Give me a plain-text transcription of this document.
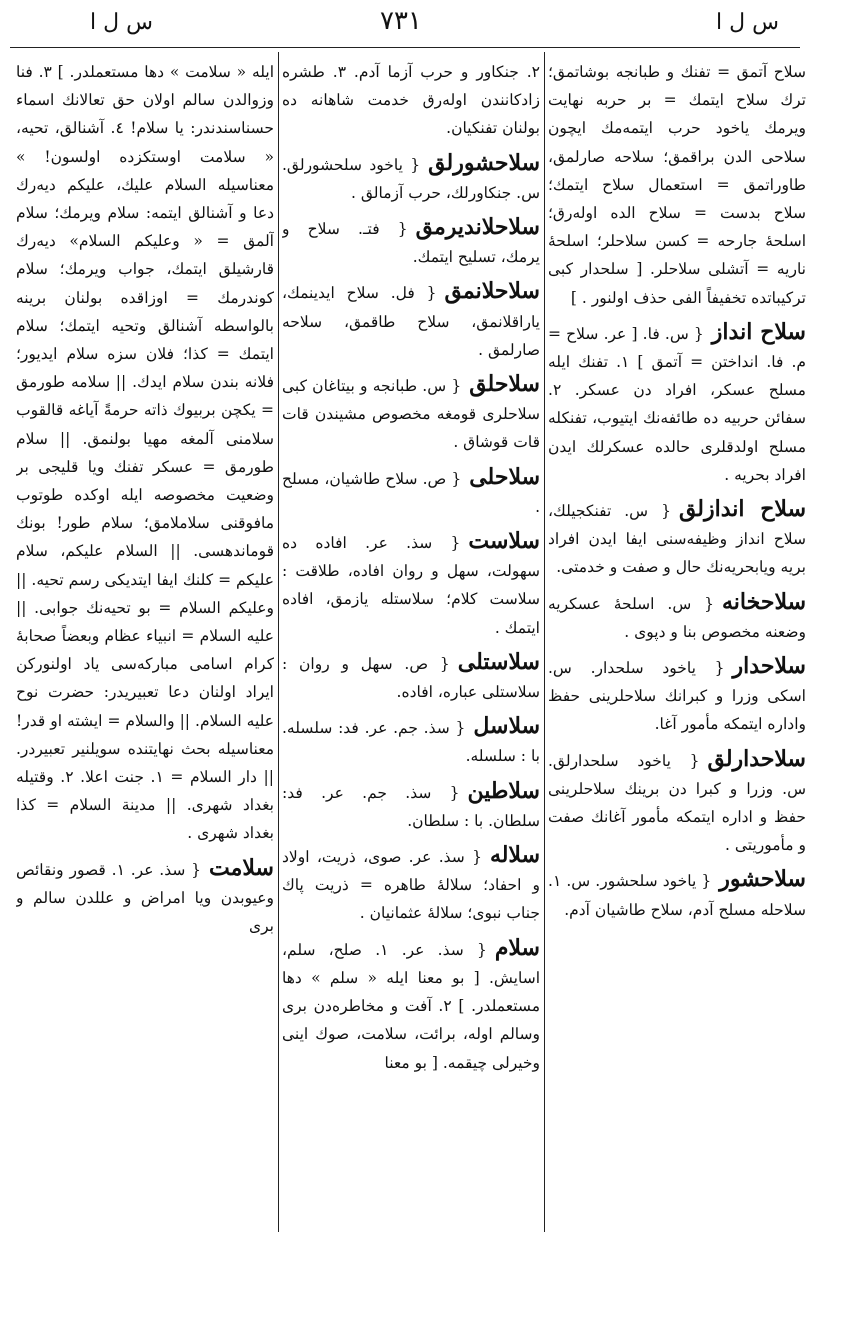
س ل ا	٧٣١	س ل ا
سلاح آتمق = تفنك و طبانجه بوشاتمق؛ ترك سلاح ایتمك = بر حربه نهایت ویرمك یاخود حرب ایتمه‌مك ایچون سلاحی الدن براقمق؛ سلاحه صارلمق، طاوراتمق = استعمال سلاح ایتمك؛ سلاح بدست = سلاح الده اولەرق؛ اسلحهٔ جارحه = کسن سلاحلر؛ اسلحهٔ ناریه = آتشلی سلاحلر. [ سلحدار کبی ترکیباتده تخفیفاً الفی حذف اولنور . ]
سلاح انداز{ س. فا. [ عر. سلاح = م. فا. انداختن = آتمق ] ١. تفنك ایله مسلح عسکر، افراد دن عسکر. ٢. سفائن حربیه ده طائفه‌نك ایتیوب، تفنکله مسلح اولدقلری حالده عسکرلك ایدن افراد بحریه .
سلاح اندازلق{ س. تفنکجیلك، سلاح انداز وظیفه‌سنی ایفا ایدن افراد بریه ویابحریه‌نك حال و صفت و خدمتی.
سلاحخانه{ س. اسلحهٔ عسکریه وضعنه مخصوص بنا و دپوی .
سلاحدار{ یاخود سلحدار. س. اسکی وزرا و کبرانك سلاحلرینی حفظ واداره ایتمکه مأمور آغا.
سلاحدارلق{ یاخود سلحدارلق. س. وزرا و کبرا دن برینك سلاحلرینی حفظ و اداره ایتمکه مأمور آغانك صفت و مأموریتی .
سلاحشور{ یاخود سلحشور. س. ١. سلاحله مسلح آدم، سلاح طاشیان آدم.
٢. جنکاور و حرب آزما آدم. ٣. طشره زادکانندن اوله‌رق خدمت شاهانه ده بولنان تفنکیان.
سلاحشورلق{ یاخود سلحشورلق. س. جنکاورلك، حرب آزمالق .
سلاحلاندیرمق{ فتـ. سلاح و یرمك، تسلیح ایتمك.
سلاحلانمق{ فل. سلاح ایدینمك، یاراقلانمق، سلاح طاقمق، سلاحه صارلمق .
سلاحلق{ س. طبانجه و بیتاغان کبی سلاحلری قومغه مخصوص مشیندن قات قات قوشاق .
سلاحلی{ ص. سلاح طاشیان، مسلح .
سلاست{ سذ. عر. افاده ده سهولت، سهل و روان افاده، طلاقت : سلاست کلام؛ سلاستله یازمق، افاده ایتمك .
سلاستلی{ ص. سهل و روان : سلاستلی عباره، افاده.
سلاسل{ سذ. جم. عر. فد: سلسله. با : سلسله.
سلاطین{ سذ. جم. عر. فد: سلطان. با : سلطان.
سلاله{ سذ. عر. صوی، ذریت، اولاد و احفاد؛ سلالهٔ طاهره = ذریت پاك جناب نبوی؛ سلالهٔ عثمانیان .
سلام{ سذ. عر. ١. صلح، سلم، اسایش. [ بو معنا ایله « سلم » دها مستعملدر. ] ٢. آفت و مخاطره‌دن بری وسالم اوله، برائت، سلامت، صوك اینی وخیرلی چیقمه. [ بو معنا
ایله « سلامت » دها مستعملدر. ] ٣. فنا وزوالدن سالم اولان حق تعالانك اسماء حسناسندندر: یا سلام! ٤. آشنالق، تحیه، « سلامت اوستکزده اولسون! » معناسیله السلام علیك، علیکم دیه‌رك دعا و آشنالق ایتمه: سلام ویرمك؛ سلام آلمق = « وعلیکم السلام» دیه‌رك قارشیلق ایتمك، جواب ویرمك؛ سلام کوندرمك = اوزاقده بولنان برینه بالواسطه آشنالق وتحیه ایتمك؛ سلام ایتمك = کذا؛ فلان سزه سلام ایدیور؛ فلانه بندن سلام ایدك. || سلامه طورمق = یکچن بربیوك ذاته حرمةً آیاغه قالقوب سلامنی آلمغه مهیا بولنمق. || سلام طورمق = عسکر تفنك ویا قلیجی بر وضعیت مخصوصه ایله اوکده طوتوب مافوقنی سلاملامق؛ سلام طور! بونك قوماندهسی. || السلام علیکم، سلام علیکم = کلنك ایفا ایتدیکی رسم تحیه. || وعلیکم السلام = بو تحیه‌نك جوابی. || علیه السلام = انبیاء عظام وبعضاً صحابهٔ کرام اسامی مبارکه‌سی یاد اولنورکن ایراد اولنان دعا تعبیریدر: حضرت نوح علیه السلام. || والسلام = ایشته او قدر! معناسیله بحث نهایتنده سویلنیر تعبیردر. || دار السلام = ١. جنت اعلا. ٢. وقتیله بغداد شهری. || مدینة السلام = کذا بغداد شهری .
سلامت{ سذ. عر. ١. قصور ونقائص وعیوبدن ویا امراض و عللدن سالم و بری
